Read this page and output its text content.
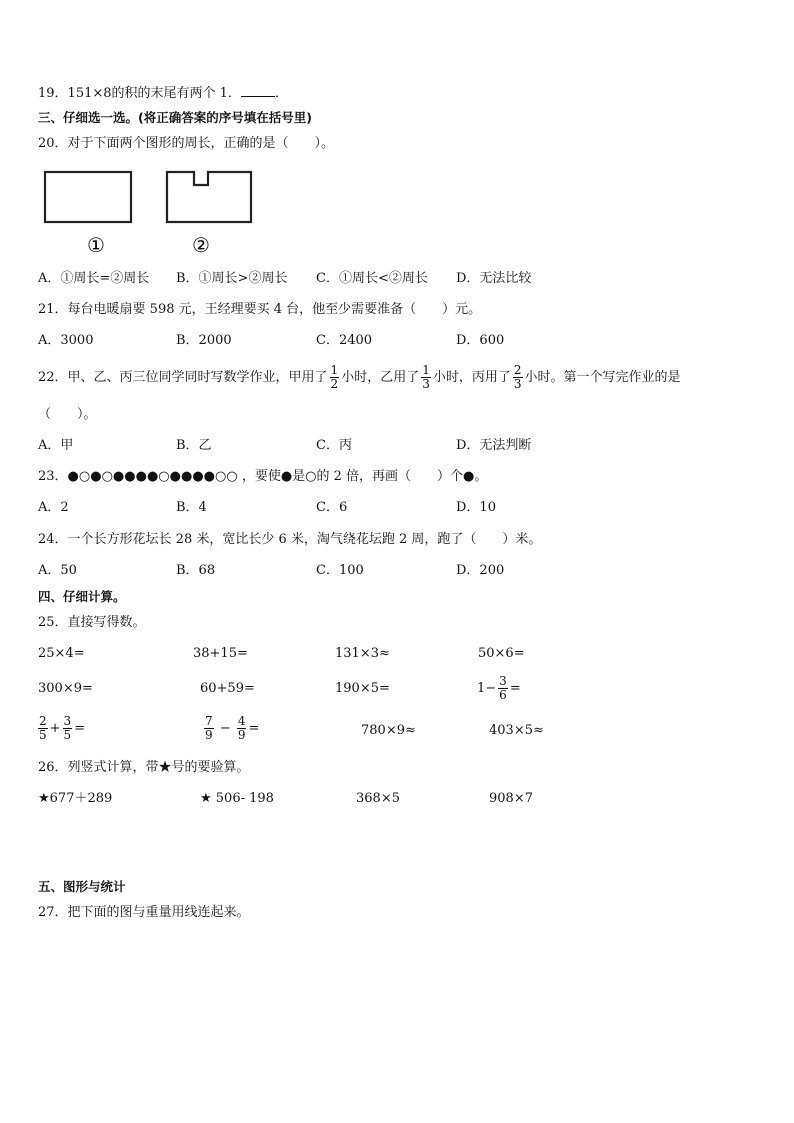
19．151×8的积的末尾有两个 1．	．
三、仔细选一选。(将正确答案的序号填在括号里)
20．对于下面两个图形的周长，正确的是（　　）。
①	②
A．①周长=②周长 B．①周长>②周长 C．①周长<②周长 D．无法比较
21．每台电暖扇要 598 元，王经理要买 4 台，他至少需要准备（　　）元。
A．3000	B．2000	C．2400	D．600
22．甲、乙、丙三位同学同时写数学作业，甲用了 $\frac{1}{2}$ 小时，乙用了 $\frac{1}{3}$ 小时，丙用了 $\frac{2}{3}$ 小时。第一个写完作业的是
（　　）。
A．甲	B．乙	C．丙	D．无法判断
23．●○●○●●●●○●●●●○○ ，要使●是○的 2 倍，再画（　　）个●。
A．2	B．4	C．6	D．10
24．一个长方形花坛长 28 米，宽比长少 6 米，淘气绕花坛跑 2 周，跑了（　　）米。
A．50	B．68	C．100	D．200
四、仔细计算。
25．直接写得数。
25×4=	38+15=	131×3≈	50×6=
300×9=	60+59=	190×5=	$1- \frac{3}{6}$ =
$\frac{2}{5} + \frac{3}{5}$ =	$\frac{7}{9} - \frac{4}{9}$ =	780×9≈	403×5≈
26．列竖式计算，带★号的要验算。
★677＋289	★ 506- 198	368×5	908×7
五、图形与统计
27．把下面的图与重量用线连起来。
